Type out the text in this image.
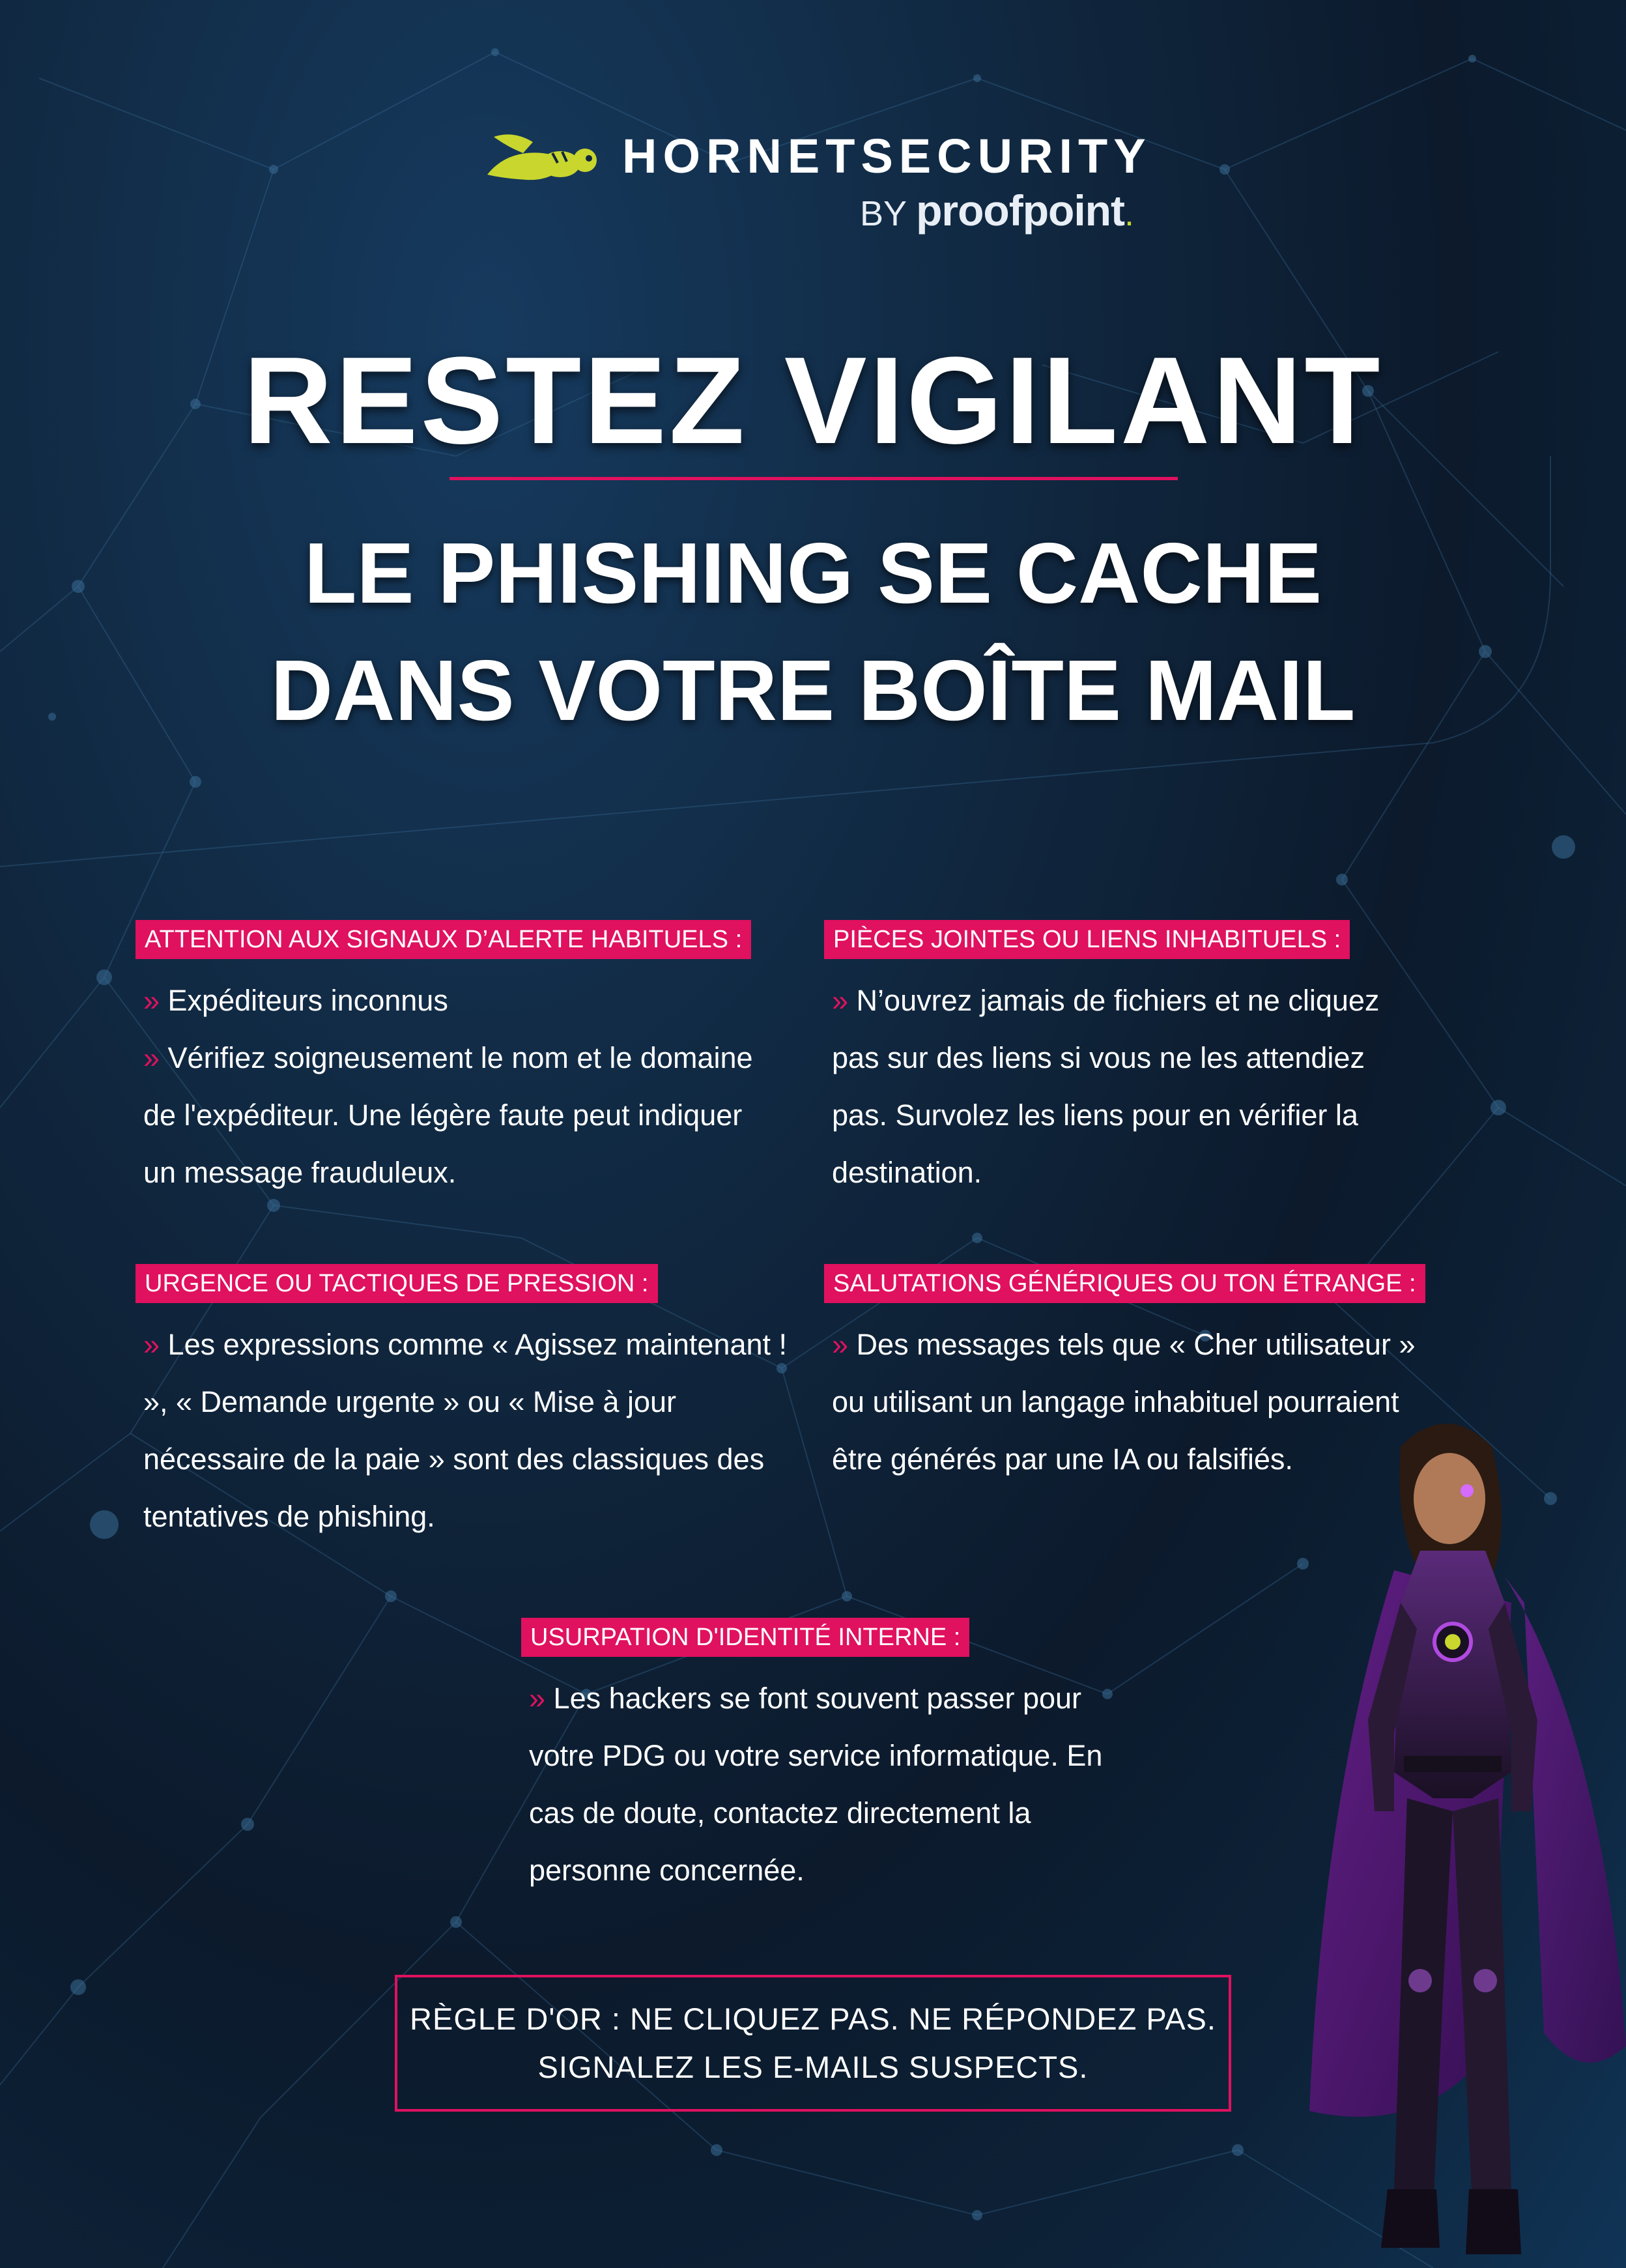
HORNETSECURITY
BY proofpoint.
RESTEZ VIGILANT
LE PHISHING SE CACHE
DANS VOTRE BOÎTE MAIL
ATTENTION AUX SIGNAUX D’ALERTE HABITUELS :

» Expéditeurs inconnus

» Vérifiez soigneusement le nom et le domaine de l'expéditeur. Une légère faute peut indiquer un message frauduleux.

PIÈCES JOINTES OU LIENS INHABITUELS :

» N’ouvrez jamais de fichiers et ne cliquez pas sur des liens si vous ne les attendiez pas. Survolez les liens pour en vérifier la destination.

URGENCE OU TACTIQUES DE PRESSION :

» Les expressions comme « Agissez maintenant ! », « Demande urgente » ou « Mise à jour nécessaire de la paie » sont des classiques des tentatives de phishing.

SALUTATIONS GÉNÉRIQUES OU TON ÉTRANGE :

» Des messages tels que « Cher utilisateur » ou utilisant un langage inhabituel pourraient être générés par une IA ou falsifiés.

USURPATION D'IDENTITÉ INTERNE :

» Les hackers se font souvent passer pour votre PDG ou votre service informatique. En cas de doute, contactez directement la personne concernée.

RÈGLE D'OR : NE CLIQUEZ PAS. NE RÉPONDEZ PAS.
SIGNALEZ LES E-MAILS SUSPECTS.
